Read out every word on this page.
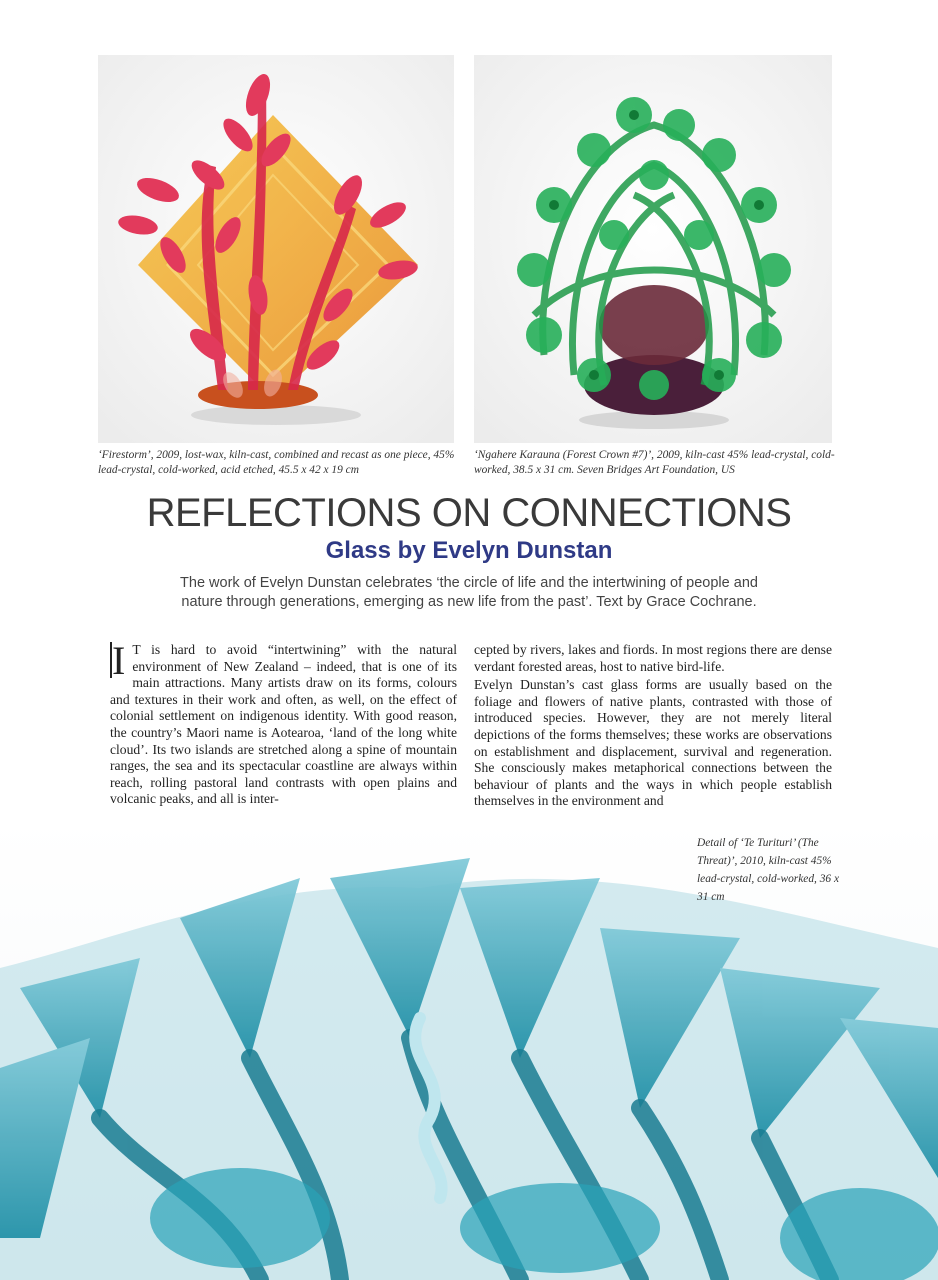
‘Firestorm’, 2009, lost-wax, kiln-cast, combined and recast as one piece, 45% lead-crystal, cold-worked, acid etched, 45.5 x 42 x 19 cm
‘Ngahere Karauna (Forest Crown #7)’, 2009, kiln-cast 45% lead-crystal, cold-worked, 38.5 x 31 cm. Seven Bridges Art Foundation, US
REFLECTIONS ON CONNECTIONS
Glass by Evelyn Dunstan

The work of Evelyn Dunstan celebrates ‘the circle of life and the intertwining of people and nature through generations, emerging as new life from the past’. Text by Grace Cochrane.

I T is hard to avoid “intertwining” with the natural environment of New Zealand – indeed, that is one of its main attractions. Many artists draw on its forms, colours and textures in their work and often, as well, on the effect of colonial settlement on indigenous identity. With good reason, the country’s Maori name is Aotearoa, ‘land of the long white cloud’. Its two islands are stretched along a spine of mountain ranges, the sea and its spectacular coastline are always within reach, rolling pastoral land contrasts with open plains and volcanic peaks, and all is inter-

cepted by rivers, lakes and fiords. In most regions there are dense verdant forested areas, host to native bird-life.

Evelyn Dunstan’s cast glass forms are usually based on the foliage and flowers of native plants, contrasted with those of introduced species. However, they are not merely literal depictions of the forms themselves; these works are observations on establishment and displacement, survival and regeneration. She consciously makes metaphorical connections between the behaviour of plants and the ways in which people establish themselves in the environment and

Detail of ‘Te Turituri’ (The Threat)’, 2010, kiln-cast 45% lead-crystal, cold-worked, 36 x 31 cm
